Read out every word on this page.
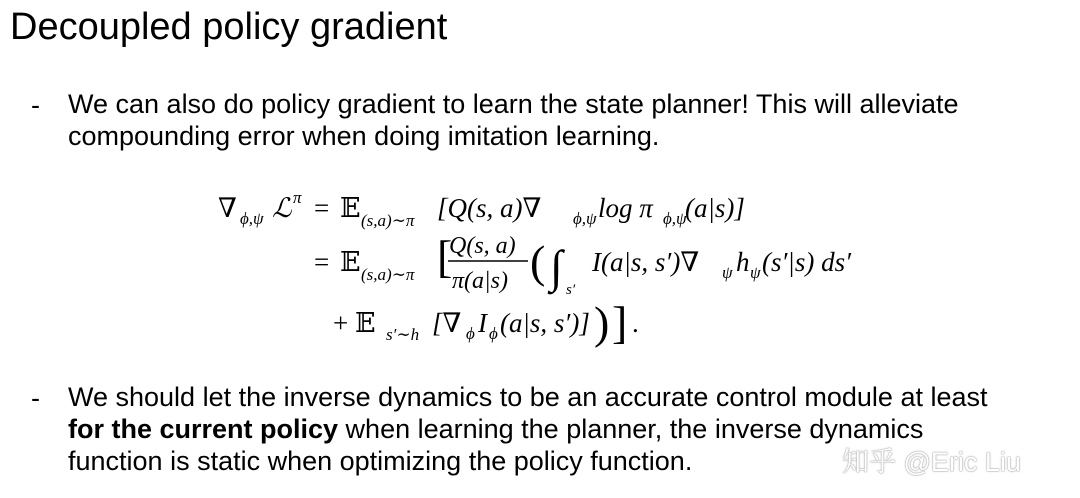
Decoupled policy gradient
- We can also do policy gradient to learn the state planner! This will alleviate
compounding error when doing imitation learning.
∇ ϕ,ψ ℒ π = 𝔼 (s,a)∼π [Q(s, a)∇ ϕ,ψ log π ϕ,ψ
(a|s)]
= 𝔼 (s,a)∼π [
Q(s, a)
π(a|s) ( ∫ s′
I(a|s, s′)∇ ψ h ψ (s′|s) ds′
+ 𝔼 s′∼h [∇ ϕ I ϕ (a|s, s′)] ) ] .
- We should let the inverse dynamics to be an accurate control module at least
for the current policy when learning the planner, the inverse dynamics
function is static when optimizing the policy function.	知乎 @Eric Liu
